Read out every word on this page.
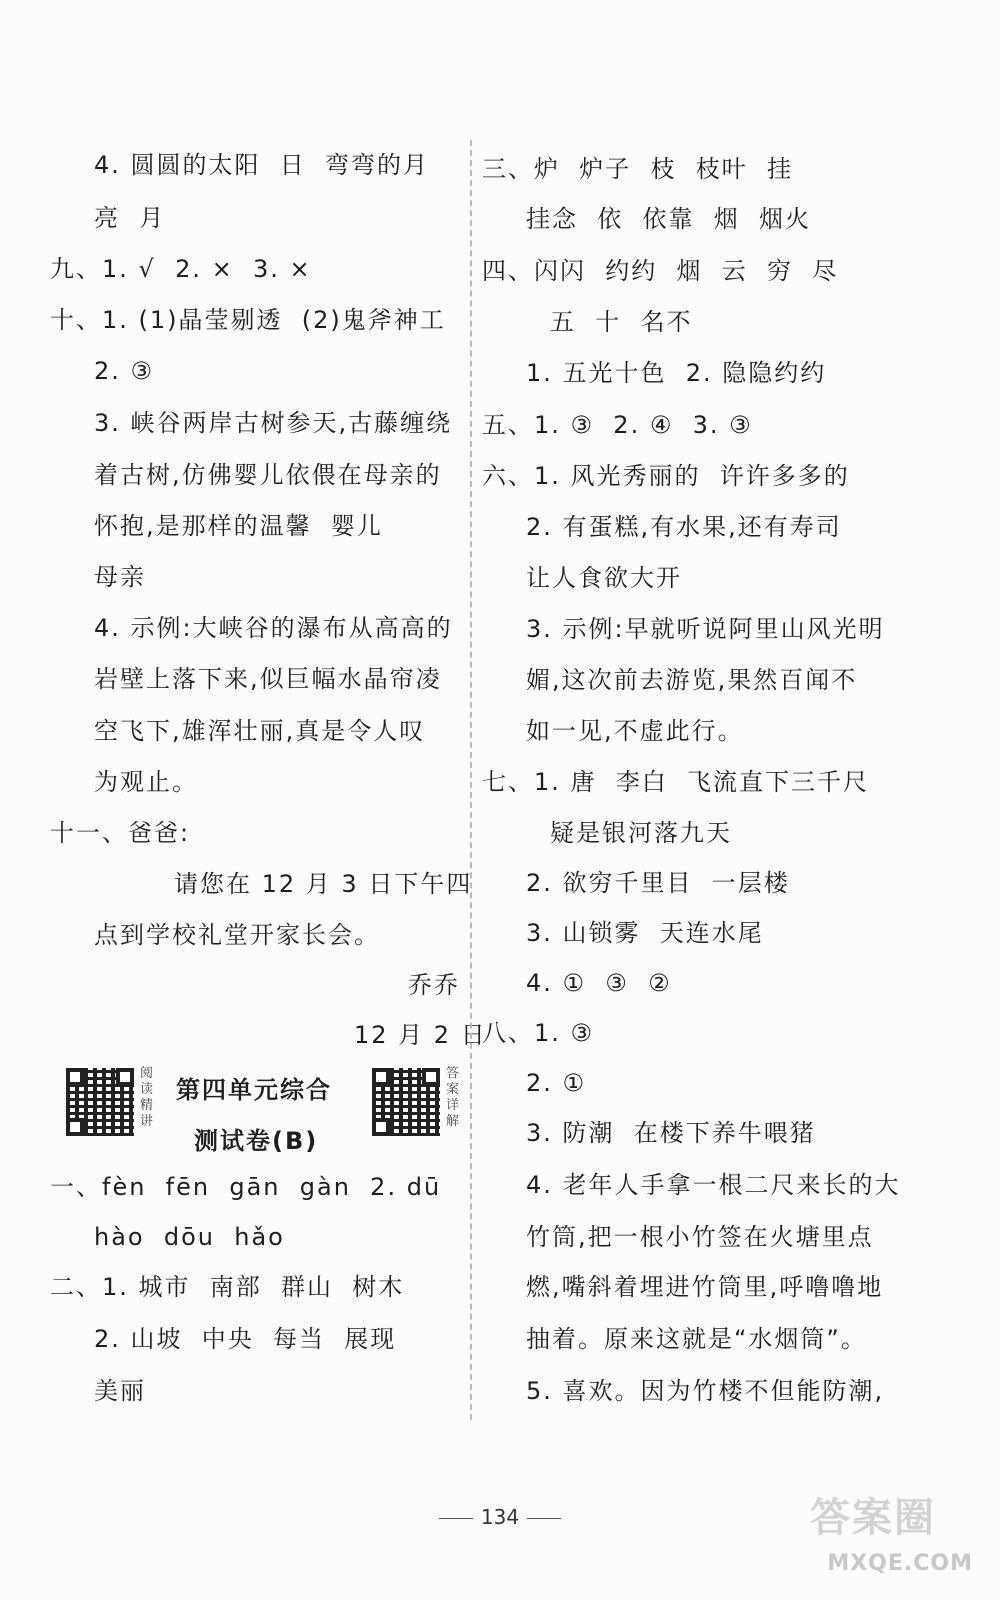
4. 圆圆的太阳  日  弯弯的月
亮  月
九、1. √  2. ×  3. ×
十、1. (1)晶莹剔透  (2)鬼斧神工
2. ③
3. 峡谷两岸古树参天,古藤缠绕
着古树,仿佛婴儿依偎在母亲的
怀抱,是那样的温馨  婴儿
母亲
4. 示例:大峡谷的瀑布从高高的
岩壁上落下来,似巨幅水晶帘凌
空飞下,雄浑壮丽,真是令人叹
为观止。
十一、爸爸:
请您在 12 月 3 日下午四
点到学校礼堂开家长会。
乔乔
12 月 2 日
阅读精讲
第四单元综合
测试卷(B)
答案详解
一、fèn  fēn  gān  gàn  2. dū
hào  dōu  hǎo
二、1. 城市  南部  群山  树木
2. 山坡  中央  每当  展现
美丽
三、炉  炉子  枝  枝叶  挂
挂念  依  依靠  烟  烟火
四、闪闪  约约  烟  云  穷  尽
五  十  名不
1. 五光十色  2. 隐隐约约
五、1. ③  2. ④  3. ③
六、1. 风光秀丽的  许许多多的
2. 有蛋糕,有水果,还有寿司
让人食欲大开
3. 示例:早就听说阿里山风光明
媚,这次前去游览,果然百闻不
如一见,不虚此行。
七、1. 唐  李白  飞流直下三千尺
疑是银河落九天
2. 欲穷千里目  一层楼
3. 山锁雾  天连水尾
4. ①  ③  ②
八、1. ③
2. ①
3. 防潮  在楼下养牛喂猪
4. 老年人手拿一根二尺来长的大
竹筒,把一根小竹签在火塘里点
燃,嘴斜着埋进竹筒里,呼噜噜地
抽着。原来这就是“水烟筒”。
5. 喜欢。因为竹楼不但能防潮,
134	答案圈
MXQE.COM
